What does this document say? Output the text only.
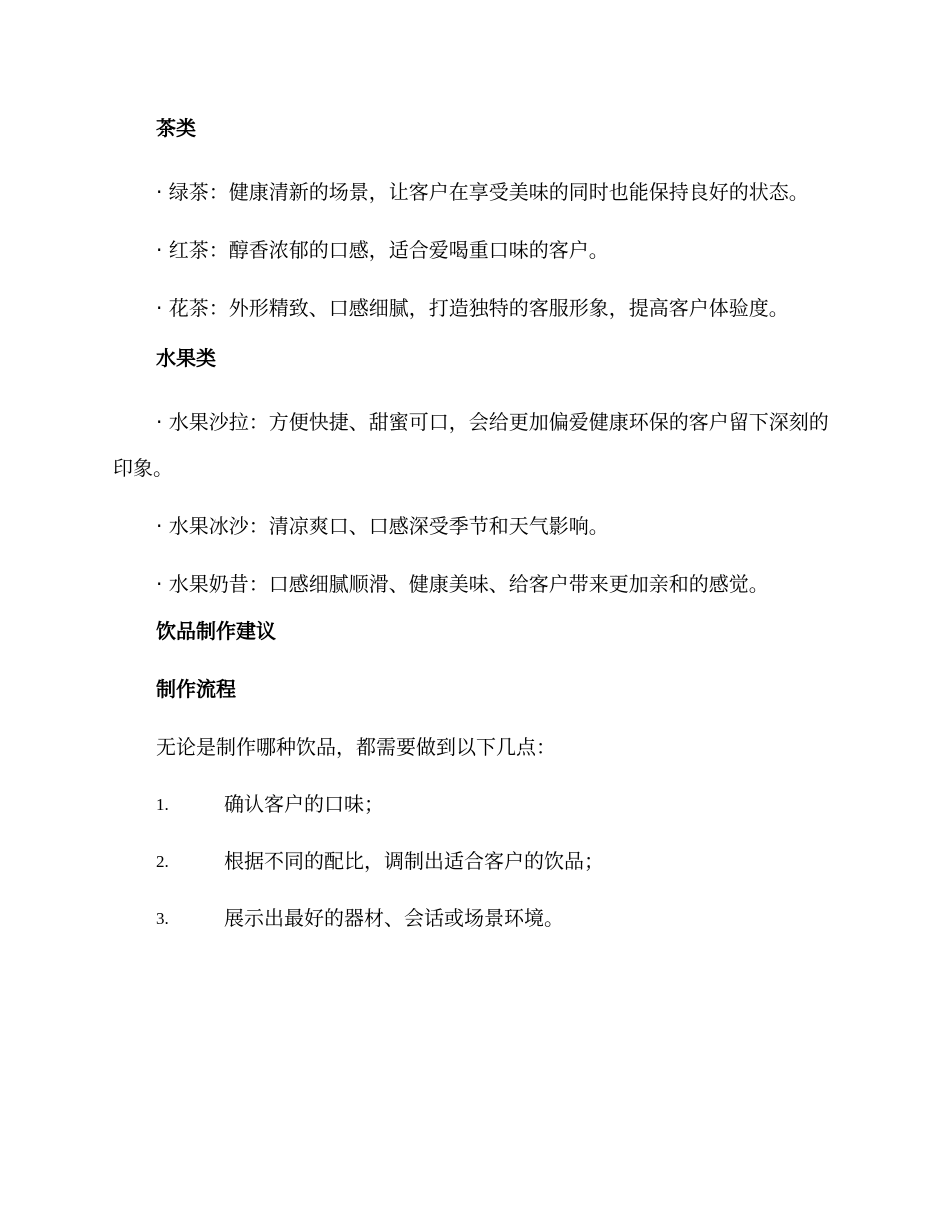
茶类
· 绿茶：健康清新的场景，让客户在享受美味的同时也能保持良好的状态。
· 红茶：醇香浓郁的口感，适合爱喝重口味的客户。
· 花茶：外形精致、口感细腻，打造独特的客服形象，提高客户体验度。
水果类
· 水果沙拉：方便快捷、甜蜜可口，会给更加偏爱健康环保的客户留下深刻的印象。
· 水果冰沙：清凉爽口、口感深受季节和天气影响。
· 水果奶昔：口感细腻顺滑、健康美味、给客户带来更加亲和的感觉。
饮品制作建议
制作流程
无论是制作哪种饮品，都需要做到以下几点：
1.	确认客户的口味；
2.	根据不同的配比，调制出适合客户的饮品；
3.	展示出最好的器材、会话或场景环境。
